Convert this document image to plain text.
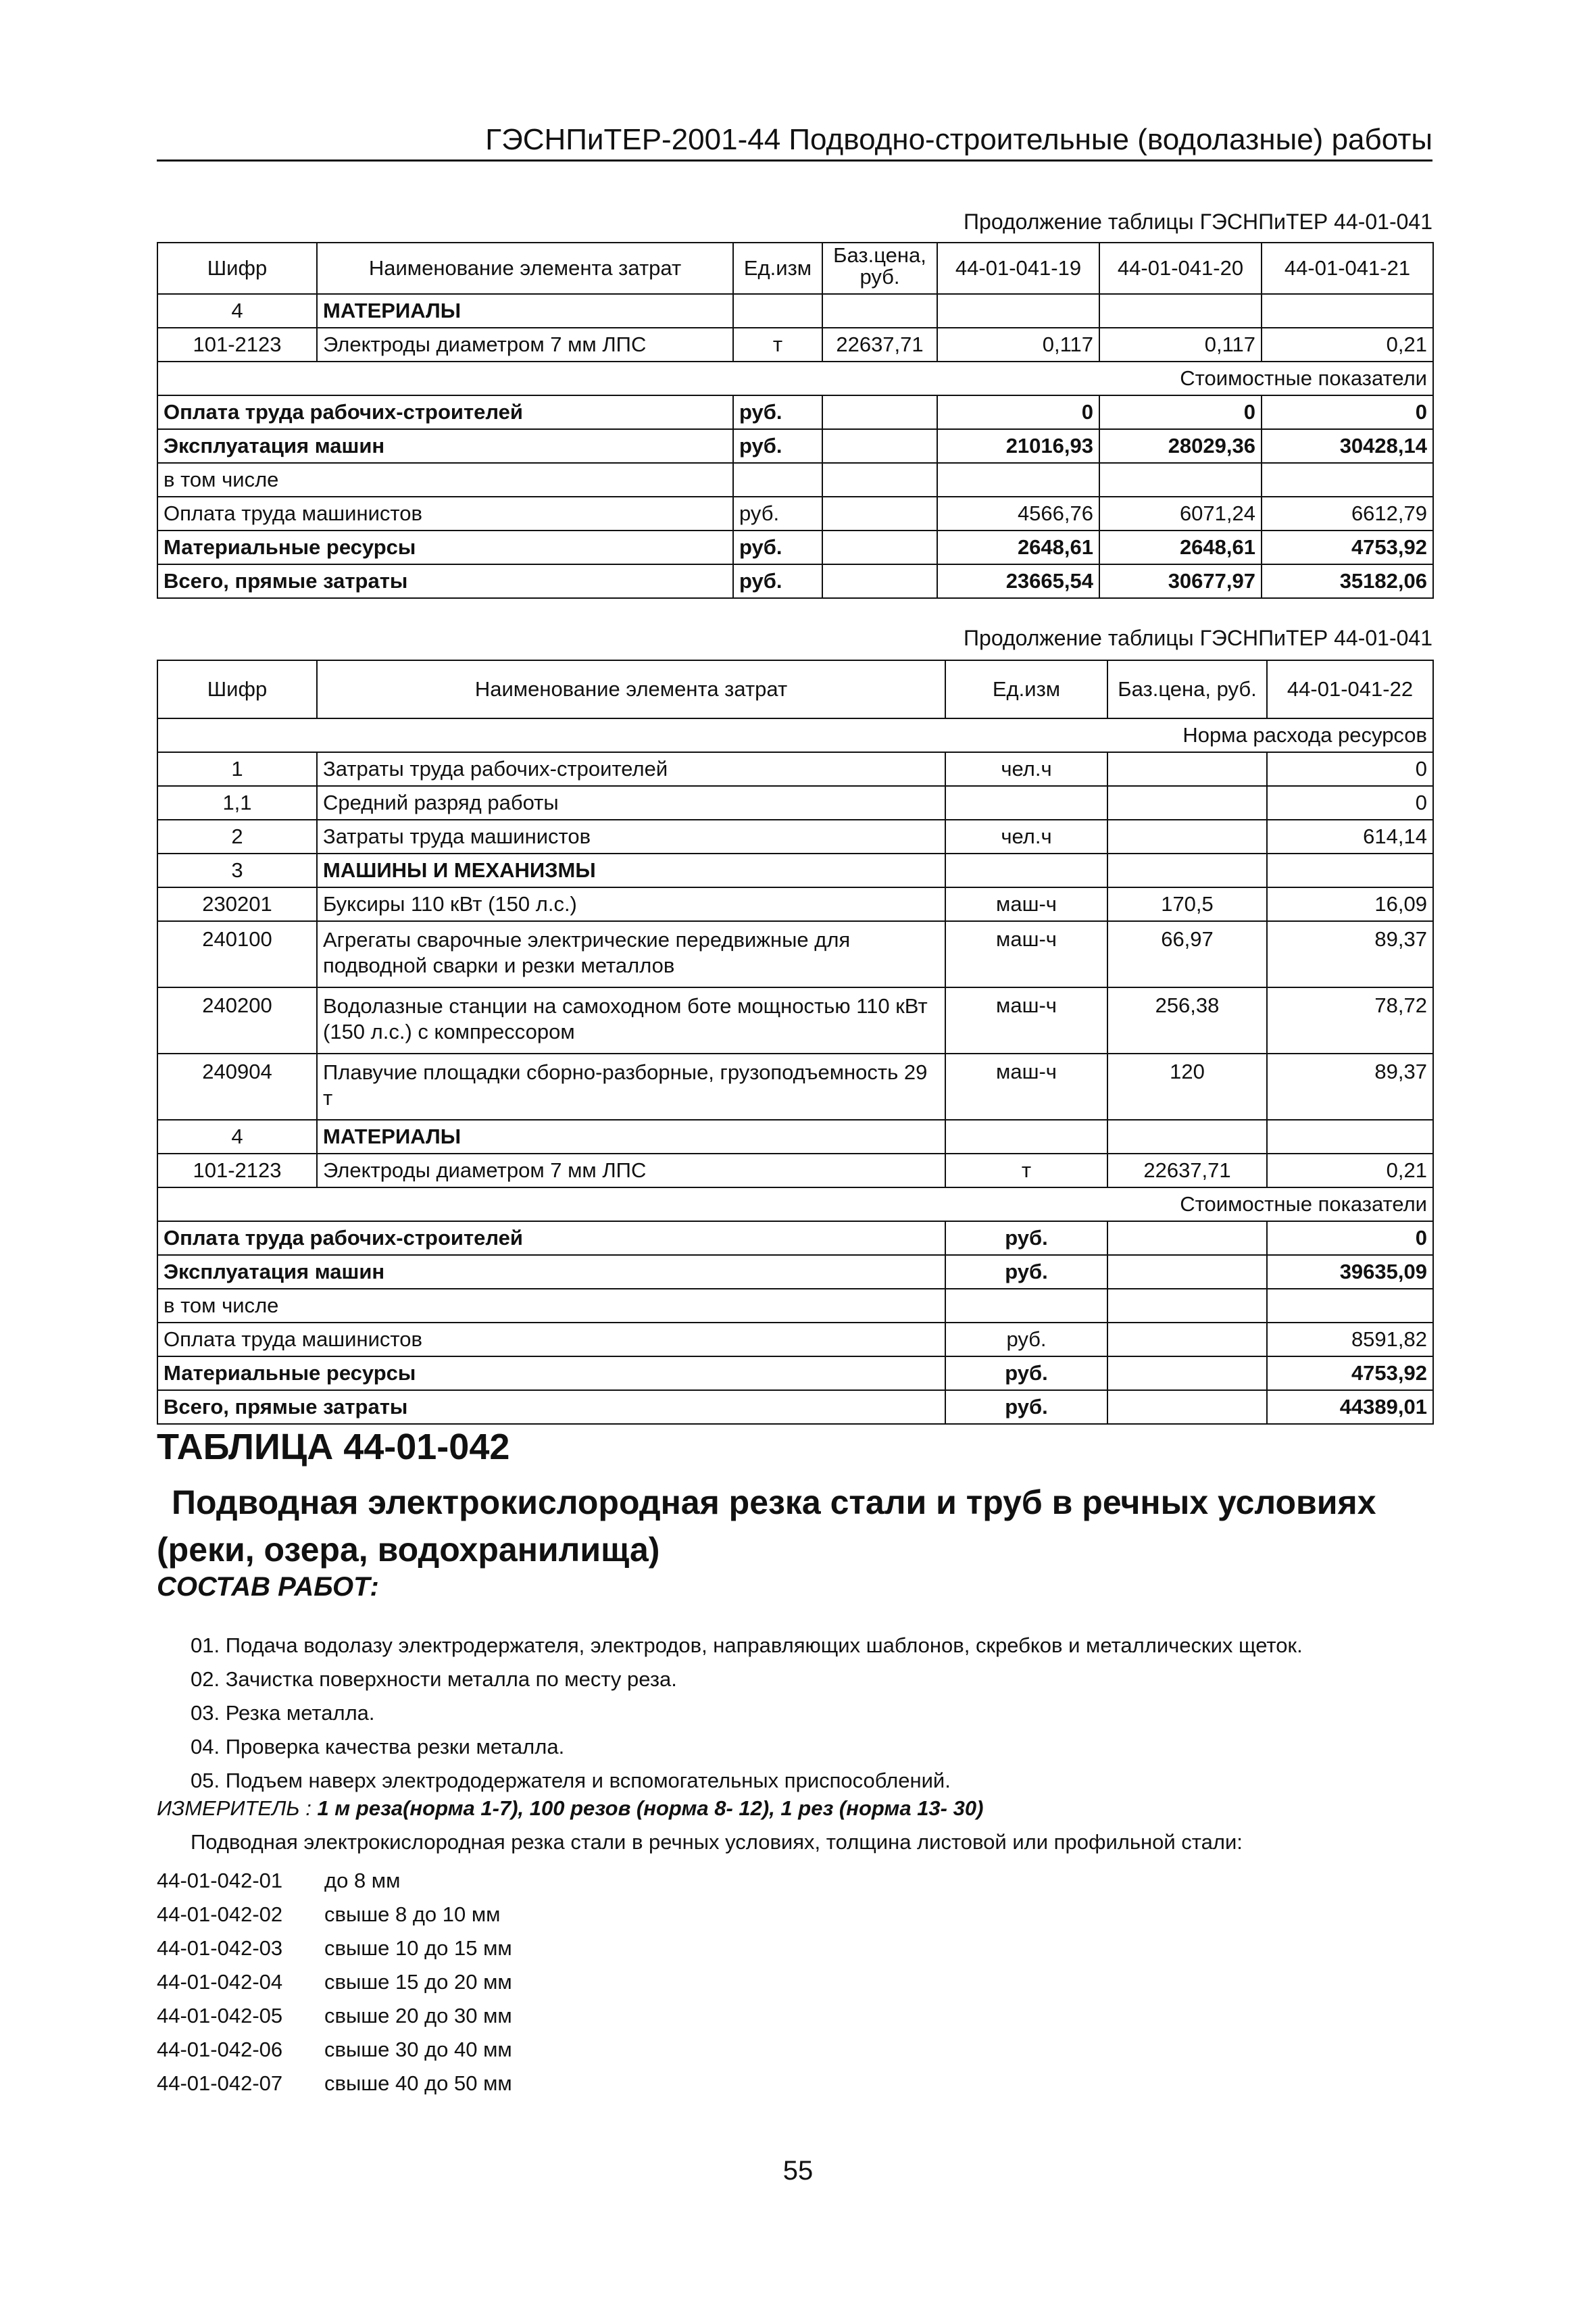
ГЭСНПиТЕР-2001-44 Подводно-строительные (водолазные) работы
Продолжение таблицы ГЭСНПиТЕР 44-01-041
Шифр	Наименование элемента затрат	Ед.изм	Баз.цена, руб.	44-01-041-19	44-01-041-20	44-01-041-21
4	МАТЕРИАЛЫ					
101-2123	Электроды диаметром 7 мм ЛПС	т	22637,71	0,117	0,117	0,21
Стоимостные показатели						
Оплата труда рабочих-строителей		руб.		0	0	0
Эксплуатация машин		руб.		21016,93	28029,36	30428,14
в том числе						
Оплата труда машинистов		руб.		4566,76	6071,24	6612,79
Материальные ресурсы		руб.		2648,61	2648,61	4753,92
Всего, прямые затраты		руб.		23665,54	30677,97	35182,06
Продолжение таблицы ГЭСНПиТЕР 44-01-041
Шифр	Наименование элемента затрат	Ед.изм	Баз.цена, руб.	44-01-041-22
Норма расхода ресурсов				
1	Затраты труда рабочих-строителей	чел.ч		0
1,1	Средний разряд работы			0
2	Затраты труда машинистов	чел.ч		614,14
3	МАШИНЫ И МЕХАНИЗМЫ			
230201	Буксиры 110 кВт (150 л.с.)	маш-ч	170,5	16,09
240100	Агрегаты сварочные электрические передвижные для подводной сварки и резки металлов	маш-ч	66,97	89,37
240200	Водолазные станции на самоходном боте мощностью 110 кВт (150 л.с.) с компрессором	маш-ч	256,38	78,72
240904	Плавучие площадки сборно-разборные, грузоподъемность 29 т	маш-ч	120	89,37
4	МАТЕРИАЛЫ			
101-2123	Электроды диаметром 7 мм ЛПС	т	22637,71	0,21
Стоимостные показатели				
Оплата труда рабочих-строителей		руб.		0
Эксплуатация машин		руб.		39635,09
в том числе				
Оплата труда машинистов		руб.		8591,82
Материальные ресурсы		руб.		4753,92
Всего, прямые затраты		руб.		44389,01
ТАБЛИЦА 44-01-042
Подводная электрокислородная резка стали и труб в речных условиях (реки, озера, водохранилища)
СОСТАВ РАБОТ:
01. Подача водолазу электродержателя, электродов, направляющих шаблонов, скребков и металлических щеток.
02. Зачистка поверхности металла по месту реза.
03. Резка металла.
04. Проверка качества резки металла.
05. Подъем наверх электрододержателя и вспомогательных приспособлений.
ИЗМЕРИТЕЛЬ : 1 м реза(норма 1-7), 100 резов (норма 8- 12), 1 рез (норма 13- 30)
Подводная электрокислородная резка стали в речных условиях, толщина листовой или профильной стали:
44-01-042-01 до 8 мм
44-01-042-02 свыше 8 до 10 мм
44-01-042-03 свыше 10 до 15 мм
44-01-042-04 свыше 15 до 20 мм
44-01-042-05 свыше 20 до 30 мм
44-01-042-06 свыше 30 до 40 мм
44-01-042-07 свыше 40 до 50 мм
55
